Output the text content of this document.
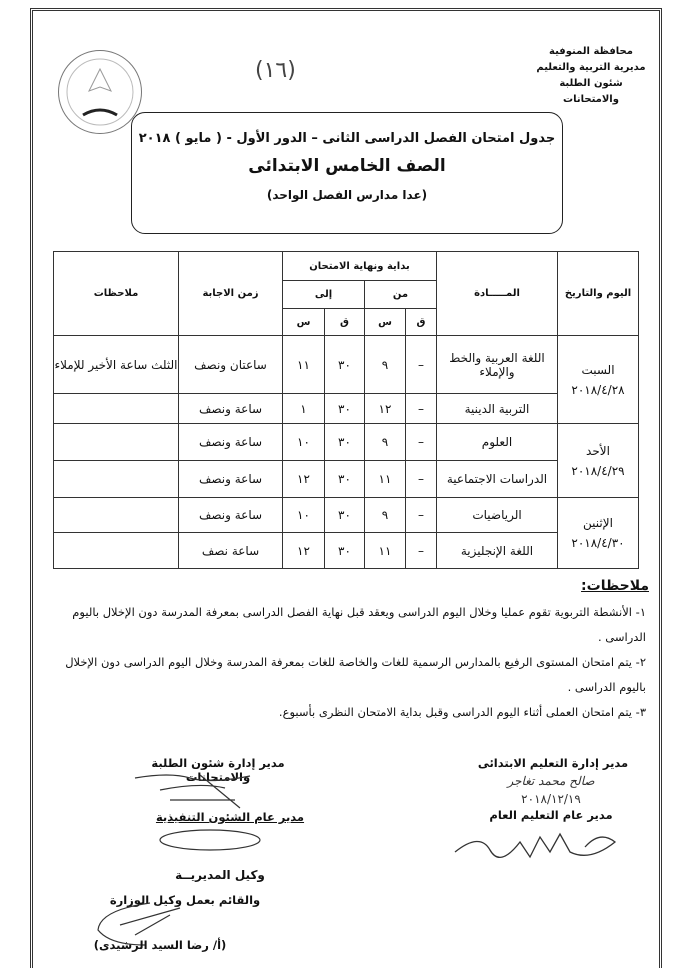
محافظة المنوفية
مديرية التربية والتعليم
شئون الطلبة والامتحانات
(١٦)
جدول امتحان الفصل الدراسى الثانى – الدور الأول - ( مايو ) ٢٠١٨
الصف الخامس الابتدائى
(عدا مدارس الفصل الواحد)
اليوم والتاريخ	المـــــادة	بداية ونهاية الامتحان				زمن الاجابة	ملاحظات
		من		إلى			
		ق	س	ق	س		

السبت
٢٠١٨/٤/٢٨	اللغة العربية والخط والإملاء	–	٩	٣٠	١١	ساعتان ونصف	الثلث ساعة الأخير للإملاء
	التربية الدينية	–	١٢	٣٠	١	ساعة ونصف	

الأحد
٢٠١٨/٤/٢٩	العلوم	–	٩	٣٠	١٠	ساعة ونصف	
	الدراسات الاجتماعية	–	١١	٣٠	١٢	ساعة ونصف	

الإثنين
٢٠١٨/٤/٣٠	الرياضيات	–	٩	٣٠	١٠	ساعة ونصف	
	اللغة الإنجليزية	–	١١	٣٠	١٢	ساعة نصف	
ملاحظات:

١- الأنشطة التربوية تقوم عمليا وخلال اليوم الدراسى ويعقد قبل نهاية الفصل الدراسى بمعرفة المدرسة دون الإخلال باليوم الدراسى .

٢- يتم امتحان المستوى الرفيع بالمدارس الرسمية للغات والخاصة للغات بمعرفة المدرسة وخلال اليوم الدراسى دون الإخلال باليوم الدراسى .

٣- يتم امتحان العملى أثناء اليوم الدراسى وقبل بداية الامتحان النظرى بأسبوع.

مدير إدارة التعليم الابتدائى
صالح محمد تغاجر
٢٠١٨/١٢/١٩
مدير عام التعليم العام
مدير إدارة شئون الطلبة والامتحانات
مدير عام الشئون التنفيذية
وكيل المديريــة
والقائم بعمل وكيل الوزارة
(أ/ رضا السيد الرشيدى)
